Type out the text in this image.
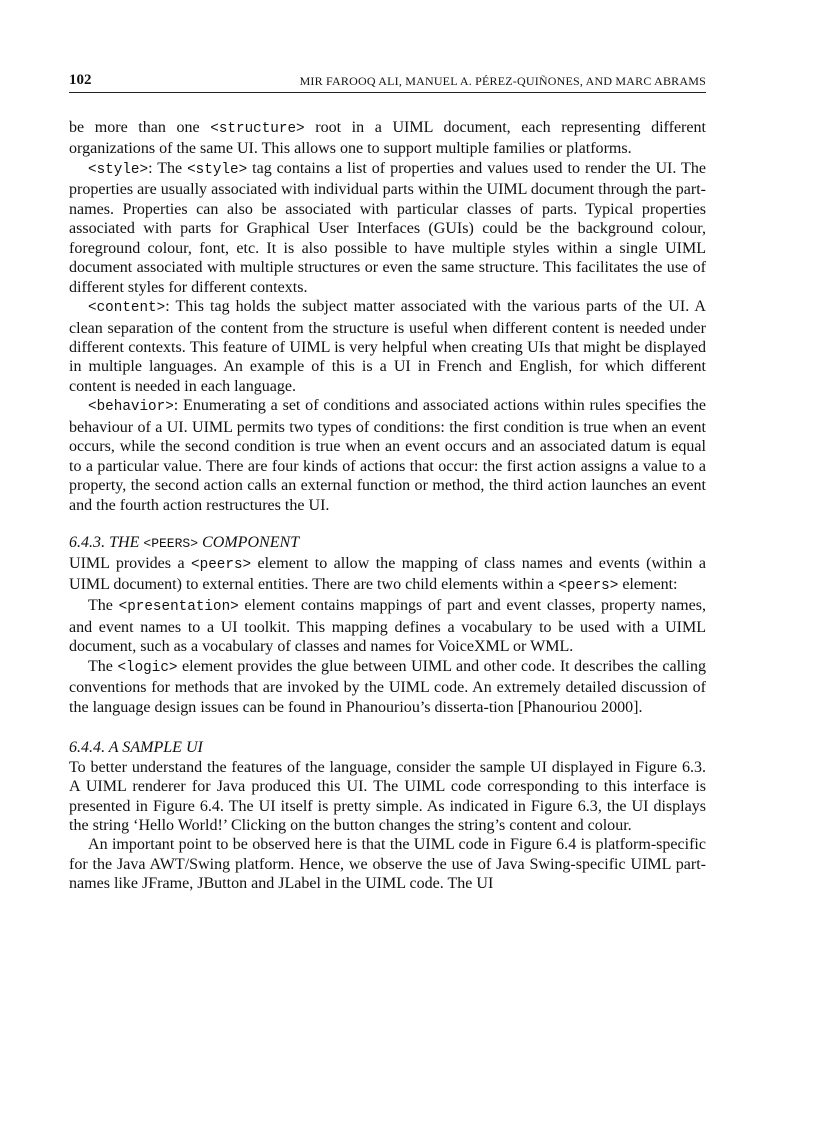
102	MIR FAROOQ ALI, MANUEL A. PÉREZ-QUIÑONES, AND MARC ABRAMS

be more than one <structure> root in a UIML document, each representing different organizations of the same UI. This allows one to support multiple families or platforms.

<style>: The <style> tag contains a list of properties and values used to render the UI. The properties are usually associated with individual parts within the UIML document through the part-names. Properties can also be associated with particular classes of parts. Typical properties associated with parts for Graphical User Interfaces (GUIs) could be the background colour, foreground colour, font, etc. It is also possible to have multiple styles within a single UIML document associated with multiple structures or even the same structure. This facilitates the use of different styles for different contexts.

<content>: This tag holds the subject matter associated with the various parts of the UI. A clean separation of the content from the structure is useful when different content is needed under different contexts. This feature of UIML is very helpful when creating UIs that might be displayed in multiple languages. An example of this is a UI in French and English, for which different content is needed in each language.

<behavior>: Enumerating a set of conditions and associated actions within rules specifies the behaviour of a UI. UIML permits two types of conditions: the first condition is true when an event occurs, while the second condition is true when an event occurs and an associated datum is equal to a particular value. There are four kinds of actions that occur: the first action assigns a value to a property, the second action calls an external function or method, the third action launches an event and the fourth action restructures the UI.

6.4.3. THE <PEERS> COMPONENT

UIML provides a <peers> element to allow the mapping of class names and events (within a UIML document) to external entities. There are two child elements within a <peers> element:

The <presentation> element contains mappings of part and event classes, property names, and event names to a UI toolkit. This mapping defines a vocabulary to be used with a UIML document, such as a vocabulary of classes and names for VoiceXML or WML.

The <logic> element provides the glue between UIML and other code. It describes the calling conventions for methods that are invoked by the UIML code. An extremely detailed discussion of the language design issues can be found in Phanouriou’s disserta-tion [Phanouriou 2000].

6.4.4. A SAMPLE UI

To better understand the features of the language, consider the sample UI displayed in Figure 6.3. A UIML renderer for Java produced this UI. The UIML code corresponding to this interface is presented in Figure 6.4. The UI itself is pretty simple. As indicated in Figure 6.3, the UI displays the string ‘Hello World!’ Clicking on the button changes the string’s content and colour.

An important point to be observed here is that the UIML code in Figure 6.4 is platform-specific for the Java AWT/Swing platform. Hence, we observe the use of Java Swing-specific UIML part-names like JFrame, JButton and JLabel in the UIML code. The UI
